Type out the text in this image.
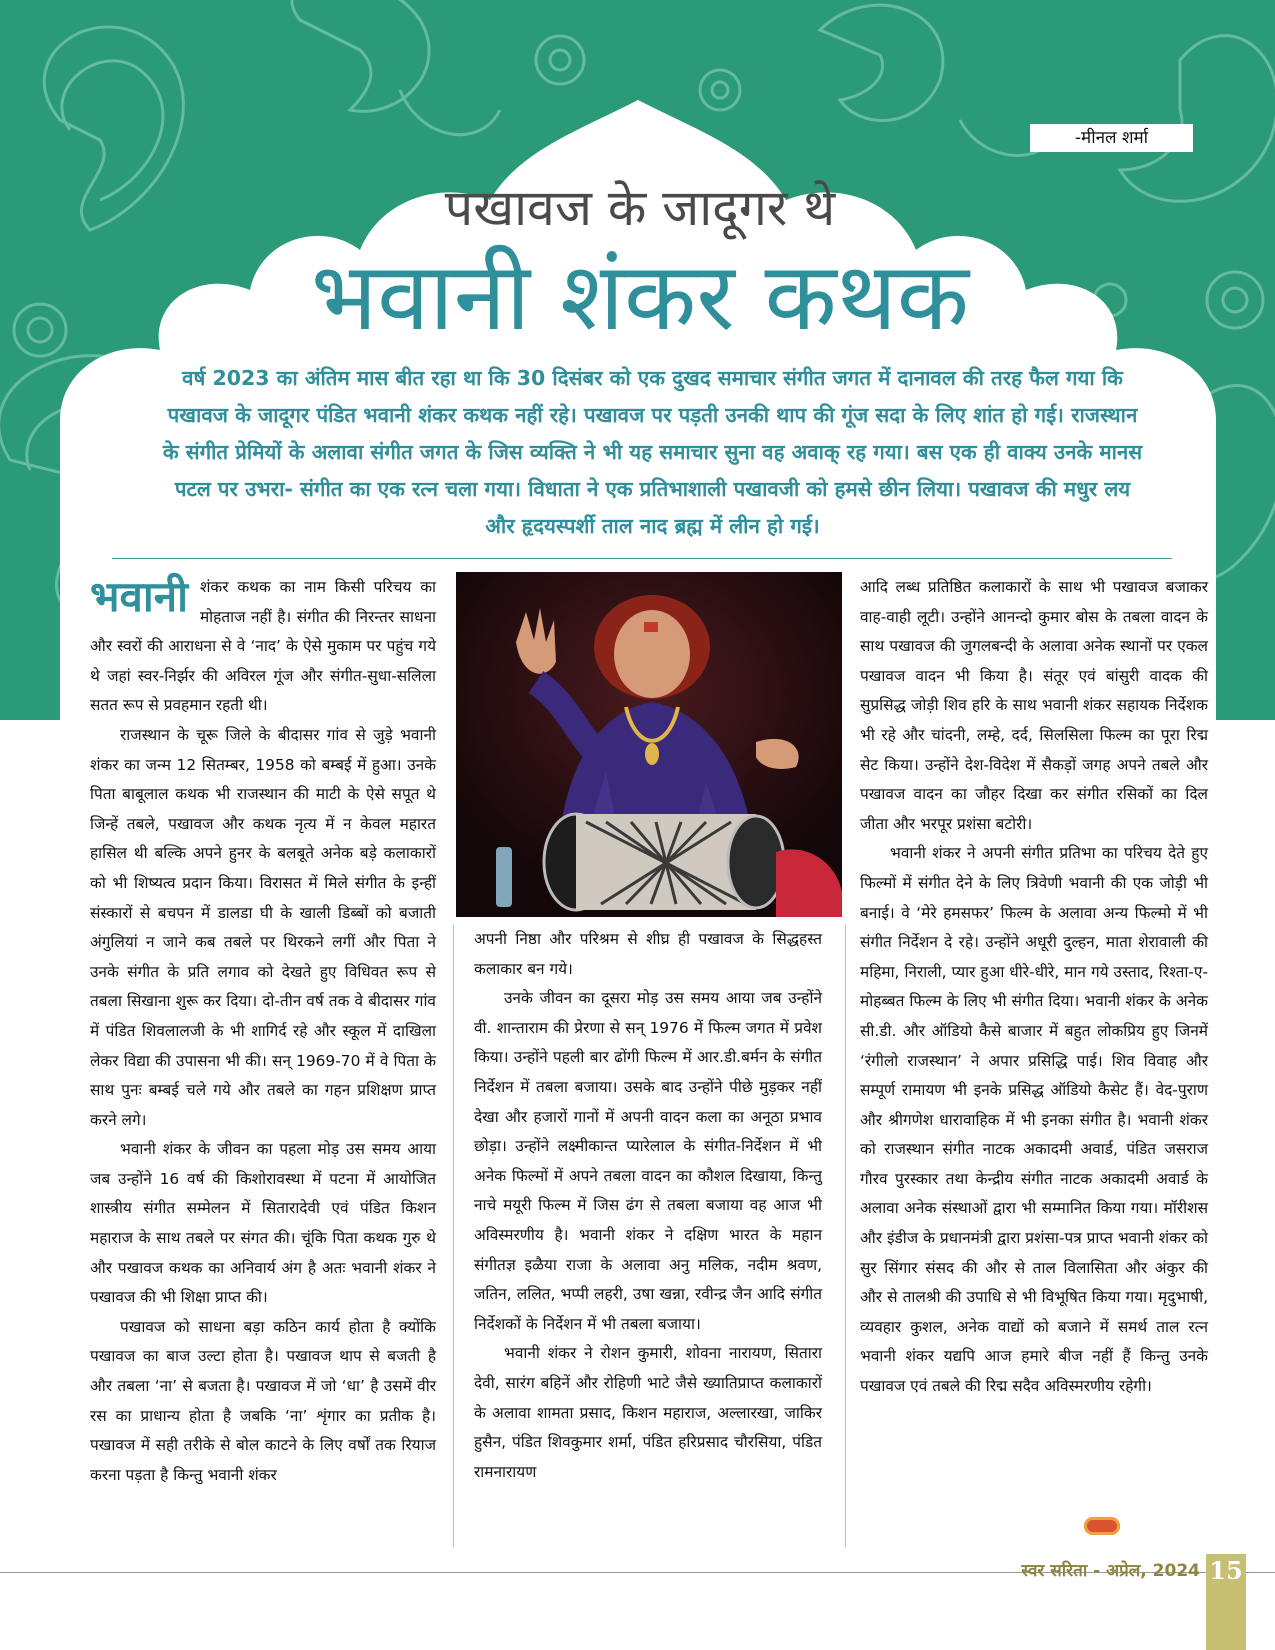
-मीनल शर्मा
पखावज के जादूगर थे
भवानी शंकर कथक
वर्ष 2023 का अंतिम मास बीत रहा था कि 30 दिसंबर को एक दुखद समाचार संगीत जगत में दानावल की तरह फैल गया कि पखावज के जादूगर पंडित भवानी शंकर कथक नहीं रहे। पखावज पर पड़ती उनकी थाप की गूंज सदा के लिए शांत हो गई। राजस्थान के संगीत प्रेमियों के अलावा संगीत जगत के जिस व्यक्ति ने भी यह समाचार सुना वह अवाक् रह गया। बस एक ही वाक्य उनके मानस पटल पर उभरा- संगीत का एक रत्न चला गया। विधाता ने एक प्रतिभाशाली पखावजी को हमसे छीन लिया। पखावज की मधुर लय और हृदयस्पर्शी ताल नाद ब्रह्म में लीन हो गई।

भवानी शंकर कथक का नाम किसी परिचय का मोहताज नहीं है। संगीत की निरन्तर साधना और स्वरों की आराधना से वे ‘नाद’ के ऐसे मुकाम पर पहुंच गये थे जहां स्वर-निर्झर की अविरल गूंज और संगीत-सुधा-सलिला सतत रूप से प्रवहमान रहती थी।

राजस्थान के चूरू जिले के बीदासर गांव से जुड़े भवानी शंकर का जन्म 12 सितम्बर, 1958 को बम्बई में हुआ। उनके पिता बाबूलाल कथक भी राजस्थान की माटी के ऐसे सपूत थे जिन्हें तबले, पखावज और कथक नृत्य में न केवल महारत हासिल थी बल्कि अपने हुनर के बलबूते अनेक बड़े कलाकारों को भी शिष्यत्व प्रदान किया। विरासत में मिले संगीत के इन्हीं संस्कारों से बचपन में डालडा घी के खाली डिब्बों को बजाती अंगुलियां न जाने कब तबले पर थिरकने लगीं और पिता ने उनके संगीत के प्रति लगाव को देखते हुए विधिवत रूप से तबला सिखाना शुरू कर दिया। दो-तीन वर्ष तक वे बीदासर गांव में पंडित शिवलालजी के भी शागिर्द रहे और स्कूल में दाखिला लेकर विद्या की उपासना भी की। सन् 1969-70 में वे पिता के साथ पुनः बम्बई चले गये और तबले का गहन प्रशिक्षण प्राप्त करने लगे।

भवानी शंकर के जीवन का पहला मोड़ उस समय आया जब उन्होंने 16 वर्ष की किशोरावस्था में पटना में आयोजित शास्त्रीय संगीत सम्मेलन में सितारादेवी एवं पंडित किशन महाराज के साथ तबले पर संगत की। चूंकि पिता कथक गुरु थे और पखावज कथक का अनिवार्य अंग है अतः भवानी शंकर ने पखावज की भी शिक्षा प्राप्त की।

पखावज को साधना बड़ा कठिन कार्य होता है क्योंकि पखावज का बाज उल्टा होता है। पखावज थाप से बजती है और तबला ‘ना’ से बजता है। पखावज में जो ‘धा’ है उसमें वीर रस का प्राधान्य होता है जबकि ‘ना’ शृंगार का प्रतीक है। पखावज में सही तरीके से बोल काटने के लिए वर्षों तक रियाज करना पड़ता है किन्तु भवानी शंकर

अपनी निष्ठा और परिश्रम से शीघ्र ही पखावज के सिद्धहस्त कलाकार बन गये।

उनके जीवन का दूसरा मोड़ उस समय आया जब उन्होंने वी. शान्ताराम की प्रेरणा से सन् 1976 में फिल्म जगत में प्रवेश किया। उन्होंने पहली बार ढोंगी फिल्म में आर.डी.बर्मन के संगीत निर्देशन में तबला बजाया। उसके बाद उन्होंने पीछे मुड़कर नहीं देखा और हजारों गानों में अपनी वादन कला का अनूठा प्रभाव छोड़ा। उन्होंने लक्ष्मीकान्त प्यारेलाल के संगीत-निर्देशन में भी अनेक फिल्मों में अपने तबला वादन का कौशल दिखाया, किन्तु नाचे मयूरी फिल्म में जिस ढंग से तबला बजाया वह आज भी अविस्मरणीय है। भवानी शंकर ने दक्षिण भारत के महान संगीतज्ञ इळैया राजा के अलावा अनु मलिक, नदीम श्रवण, जतिन, ललित, भप्पी लहरी, उषा खन्ना, रवीन्द्र जैन आदि संगीत निर्देशकों के निर्देशन में भी तबला बजाया।

भवानी शंकर ने रोशन कुमारी, शोवना नारायण, सितारा देवी, सारंग बहिनें और रोहिणी भाटे जैसे ख्यातिप्राप्त कलाकारों के अलावा शामता प्रसाद, किशन महाराज, अल्लारखा, जाकिर हुसैन, पंडित शिवकुमार शर्मा, पंडित हरिप्रसाद चौरसिया, पंडित रामनारायण

आदि लब्ध प्रतिष्ठित कलाकारों के साथ भी पखावज बजाकर वाह-वाही लूटी। उन्होंने आनन्दो कुमार बोस के तबला वादन के साथ पखावज की जुगलबन्दी के अलावा अनेक स्थानों पर एकल पखावज वादन भी किया है। संतूर एवं बांसुरी वादक की सुप्रसिद्ध जोड़ी शिव हरि के साथ भवानी शंकर सहायक निर्देशक भी रहे और चांदनी, लम्हे, दर्द, सिलसिला फिल्म का पूरा रिद्म सेट किया। उन्होंने देश-विदेश में सैकड़ों जगह अपने तबले और पखावज वादन का जौहर दिखा कर संगीत रसिकों का दिल जीता और भरपूर प्रशंसा बटोरी।

भवानी शंकर ने अपनी संगीत प्रतिभा का परिचय देते हुए फिल्मों में संगीत देने के लिए त्रिवेणी भवानी की एक जोड़ी भी बनाई। वे ‘मेरे हमसफर’ फिल्म के अलावा अन्य फिल्मो में भी संगीत निर्देशन दे रहे। उन्होंने अधूरी दुल्हन, माता शेरावाली की महिमा, निराली, प्यार हुआ धीरे-धीरे, मान गये उस्ताद, रिश्ता-ए-मोहब्बत फिल्म के लिए भी संगीत दिया। भवानी शंकर के अनेक सी.डी. और ऑडियो कैसे बाजार में बहुत लोकप्रिय हुए जिनमें ‘रंगीलो राजस्थान’ ने अपार प्रसिद्धि पाई। शिव विवाह और सम्पूर्ण रामायण भी इनके प्रसिद्ध ऑडियो कैसेट हैं। वेद-पुराण और श्रीगणेश धारावाहिक में भी इनका संगीत है। भवानी शंकर को राजस्थान संगीत नाटक अकादमी अवार्ड, पंडित जसराज गौरव पुरस्कार तथा केन्द्रीय संगीत नाटक अकादमी अवार्ड के अलावा अनेक संस्थाओं द्वारा भी सम्मानित किया गया। मॉरीशस और इंडीज के प्रधानमंत्री द्वारा प्रशंसा-पत्र प्राप्त भवानी शंकर को सुर सिंगार संसद की और से ताल विलासिता और अंकुर की और से तालश्री की उपाधि से भी विभूषित किया गया। मृदुभाषी, व्यवहार कुशल, अनेक वाद्यों को बजाने में समर्थ ताल रत्न भवानी शंकर यद्यपि आज हमारे बीज नहीं हैं किन्तु उनके पखावज एवं तबले की रिद्म सदैव अविस्मरणीय रहेगी।

स्वर सरिता - अप्रेल, 2024 15
